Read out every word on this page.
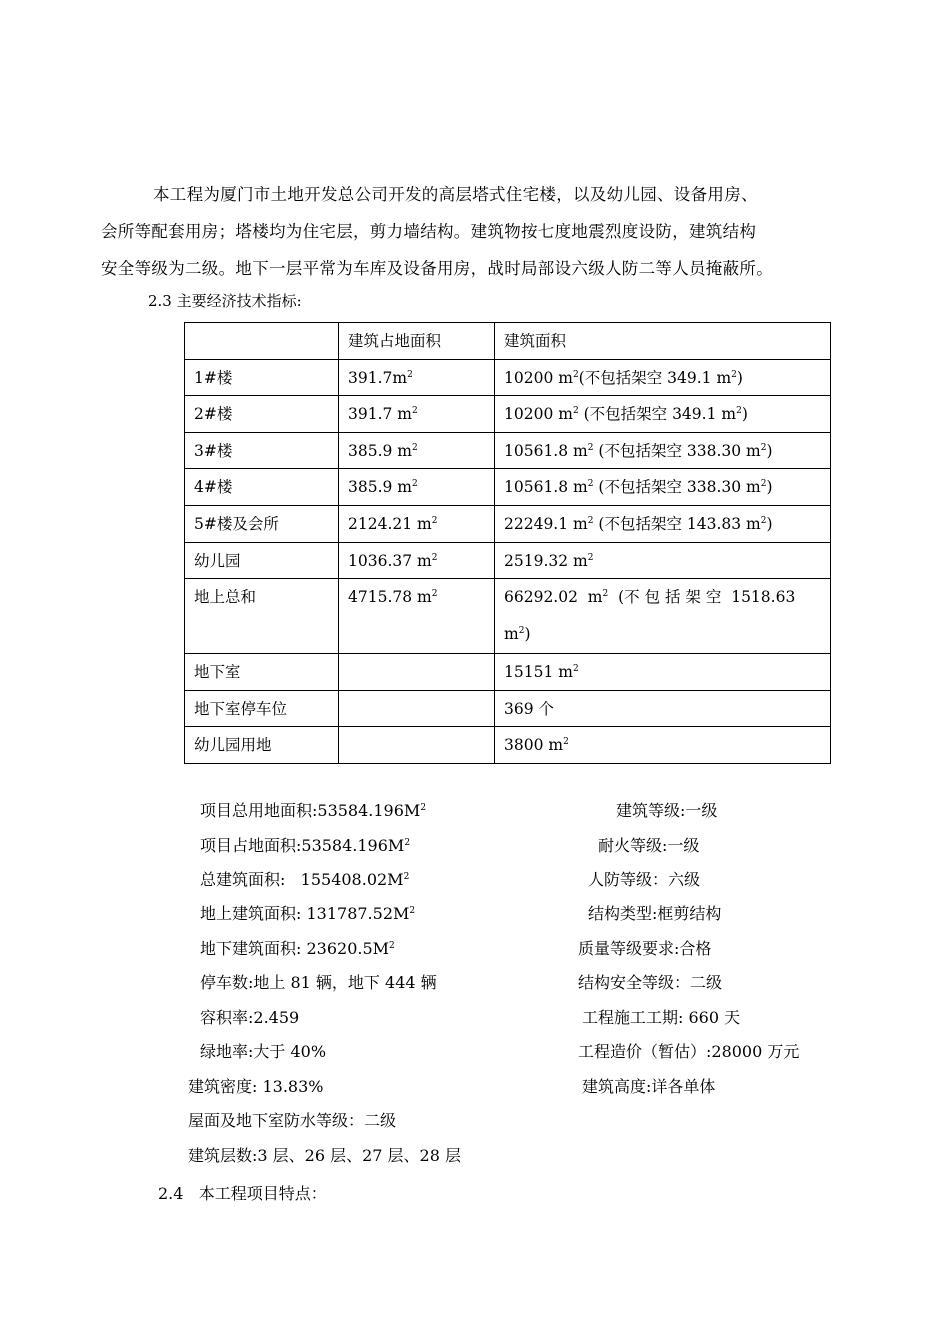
本工程为厦门市土地开发总公司开发的高层塔式住宅楼，以及幼儿园、设备用房、
会所等配套用房；塔楼均为住宅层，剪力墙结构。建筑物按七度地震烈度设防，建筑结构
安全等级为二级。地下一层平常为车库及设备用房，战时局部设六级人防二等人员掩蔽所。

2.3 主要经济技术指标:
	建筑占地面积	建筑面积
1#楼	$391.7m^2$	10200 $m^2$(不包括架空 349.1 $m^2$)
2#楼	391.7 $m^2$	10200 $m^2$ (不包括架空 349.1 $m^2$)
3#楼	385.9 $m^2$	10561.8 $m^2$ (不包括架空 338.30 $m^2$)
4#楼	385.9 $m^2$	10561.8 $m^2$ (不包括架空 338.30 $m^2$)
5#楼及会所	2124.21 $m^2$	22249.1 $m^2$ (不包括架空 143.83 $m^2$)
幼儿园	1036.37 $m^2$	2519.32 $m^2$
地上总和	4715.78 $m^2$	66292.02  $m^2$  (不 包 括 架 空  1518.63
$m^2$)
地下室		15151 $m^2$
地下室停车位		369 个
幼儿园用地		3800 $m^2$
项目总用地面积$:53584.196M^2$
项目占地面积$:53584.196M^2$
总建筑面积:   $155408.02M^2$
地上建筑面积: $131787.52M^2$
地下建筑面积: $23620.5M^2$
停车数:地上 81 辆，地下 444 辆
容积率:2.459
绿地率:大于 40%
建筑密度: 13.83%
屋面及地下室防水等级：二级
建筑层数:3 层、26 层、27 层、28 层
建筑等级:一级
耐火等级:一级
人防等级：六级
结构类型:框剪结构
质量等级要求:合格
结构安全等级：二级
工程施工工期: 660 天
工程造价（暂估）:28000 万元
建筑高度:详各单体
2.4   本工程项目特点：
